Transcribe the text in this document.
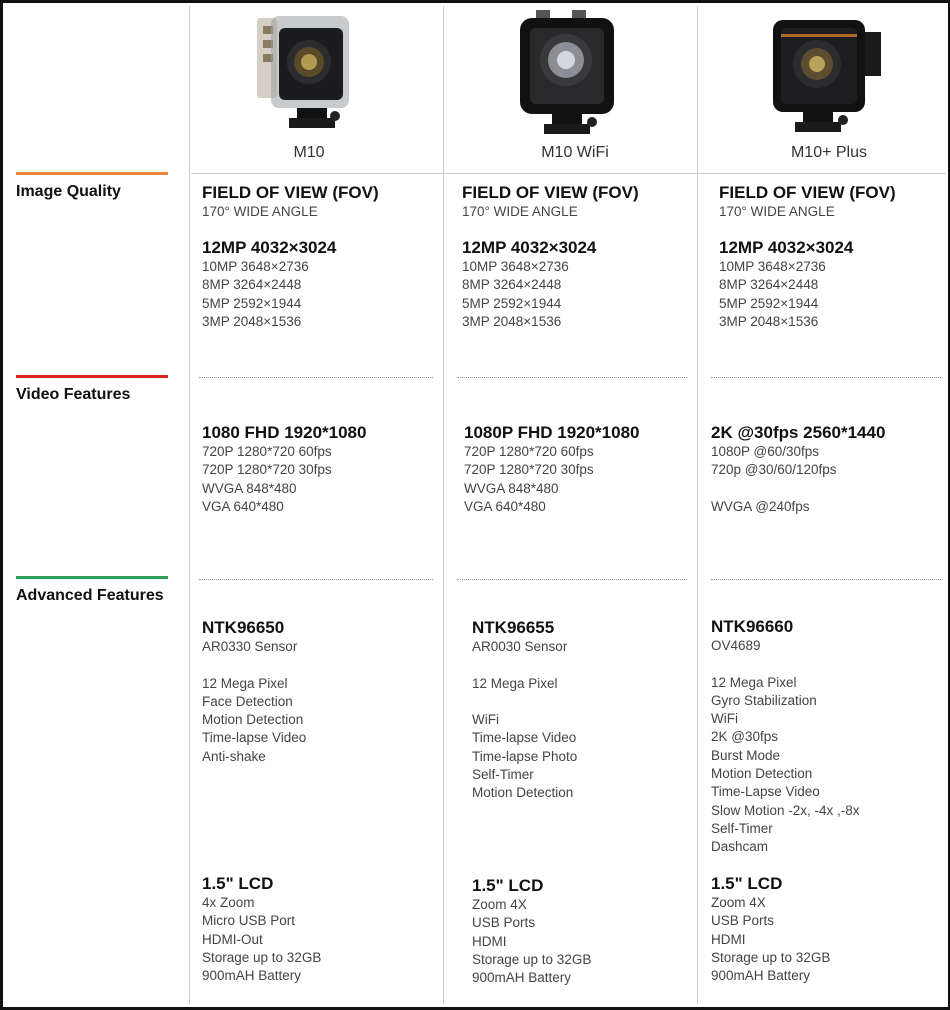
Image Quality
Video Features
Advanced Features
M10	M10 WiFi	M10+ Plus
FIELD OF VIEW (FOV)
170° WIDE ANGLE
12MP 4032×3024
10MP 3648×2736
8MP 3264×2448
5MP 2592×1944
3MP 2048×1536
1080 FHD 1920*1080
720P 1280*720 60fps
720P 1280*720 30fps
WVGA 848*480
VGA 640*480
NTK96650
AR0330 Sensor

12 Mega Pixel
Face Detection
Motion Detection
Time-lapse Video
Anti-shake
1.5" LCD
4x Zoom
Micro USB Port
HDMI-Out
Storage up to 32GB
900mAH Battery
FIELD OF VIEW (FOV)
170° WIDE ANGLE
12MP 4032×3024
10MP 3648×2736
8MP 3264×2448
5MP 2592×1944
3MP 2048×1536
1080P FHD 1920*1080
720P 1280*720 60fps
720P 1280*720 30fps
WVGA 848*480
VGA 640*480
NTK96655
AR0030 Sensor

12 Mega Pixel

WiFi
Time-lapse Video
Time-lapse Photo
Self-Timer
Motion Detection
1.5" LCD
Zoom 4X
USB Ports
HDMI
Storage up to 32GB
900mAH Battery
FIELD OF VIEW (FOV)
170° WIDE ANGLE
12MP 4032×3024
10MP 3648×2736
8MP 3264×2448
5MP 2592×1944
3MP 2048×1536
2K @30fps 2560*1440
1080P @60/30fps
720p @30/60/120fps

WVGA @240fps
NTK96660
OV4689

12 Mega Pixel
Gyro Stabilization
WiFi
2K @30fps
Burst Mode
Motion Detection
Time-Lapse Video
Slow Motion -2x, -4x ,-8x
Self-Timer
Dashcam
1.5" LCD
Zoom 4X
USB Ports
HDMI
Storage up to 32GB
900mAH Battery
